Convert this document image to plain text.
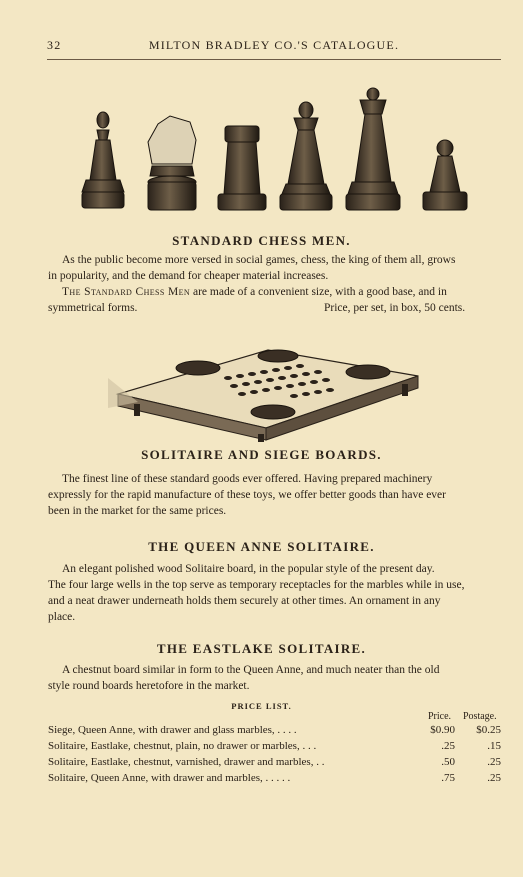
32	MILTON BRADLEY CO.'S CATALOGUE.
STANDARD CHESS MEN.
As the public become more versed in social games, chess, the king of them all, grows
in popularity, and the demand for cheaper material increases.
The Standard Chess Men are made of a convenient size, with a good base, and in
symmetrical forms.	Price, per set, in box, 50 cents.
SOLITAIRE AND SIEGE BOARDS.
The finest line of these standard goods ever offered. Having prepared machinery
expressly for the rapid manufacture of these toys, we offer better goods than have ever
been in the market for the same prices.
THE QUEEN ANNE SOLITAIRE.
An elegant polished wood Solitaire board, in the popular style of the present day.
The four large wells in the top serve as temporary receptacles for the marbles while in use,
and a neat drawer underneath holds them securely at other times. An ornament in any
place.
THE EASTLAKE SOLITAIRE.
A chestnut board similar in form to the Queen Anne, and much neater than the old
style round boards heretofore in the market.
PRICE LIST.
Price. Postage.
Siege, Queen Anne, with drawer and glass marbles, . . . .	$0.90	$0.25
Solitaire, Eastlake, chestnut, plain, no drawer or marbles, . . .	.25	.15
Solitaire, Eastlake, chestnut, varnished, drawer and marbles, . .	.50	.25
Solitaire, Queen Anne, with drawer and marbles, . . . . .	.75	.25
